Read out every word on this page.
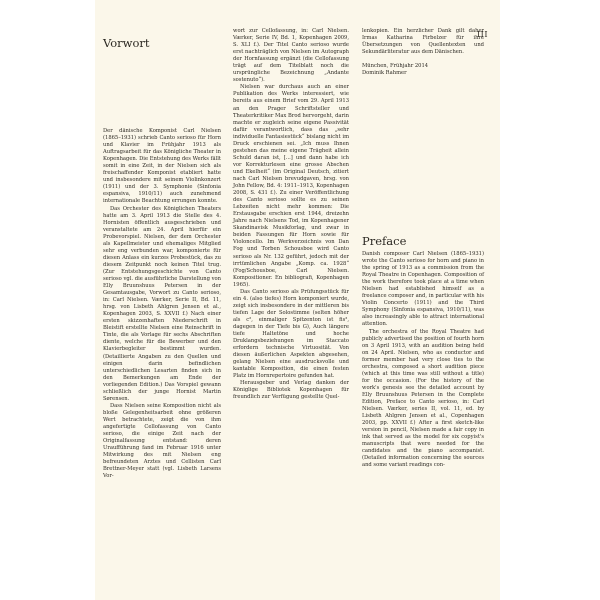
III
Vorwort

Der dänische Komponist Carl Nielsen (1865–1931) schrieb Canto serioso für Horn und Klavier im Frühjahr 1913 als Auftragsarbeit für das Königliche Theater in Kopenhagen. Die Entstehung des Werks fällt somit in eine Zeit, in der Nielsen sich als freischaffender Komponist etabliert hatte und insbesondere mit seinem Violinkonzert (1911) und der 3. Symphonie (Sinfonia espansiva, 1910/11) auch zunehmend internationale Beachtung errungen konnte.

Das Orchester des Königlichen Theaters hatte am 3. April 1913 die Stelle des 4. Hornisten öffentlich ausgeschrieben und veranstaltete am 24. April hierfür ein Probevorspiel. Nielsen, der dem Orchester als Kapellmeister und ehemaliges Mitglied sehr eng verbunden war, komponierte für diesen Anlass ein kurzes Probestück, das zu diesem Zeitpunkt noch keinen Titel trug. (Zur Entstehungsgeschichte von Canto serioso vgl. die ausführliche Darstellung von Elly Bruunshuus Petersen in der Gesamtausgabe, Vorwort zu Canto serioso, in: Carl Nielsen. Værker, Serie II, Bd. 11, hrsg. von Lisbeth Ahlgren Jensen et al., Kopenhagen 2003, S. XXVII f.) Nach einer ersten skizzenhaften Niederschrift in Bleistift erstellte Nielsen eine Reinschrift in Tinte, die als Vorlage für sechs Abschriften diente, welche für die Bewerber und den Klavierbegleiter bestimmt wurden. (Detaillierte Angaben zu den Quellen und einigen darin befindlichen unterschiedlichen Lesarten finden sich in den Bemerkungen am Ende der vorliegenden Edition.) Das Vorspiel gewann schließlich der junge Hornist Martin Sørensen.

Dass Nielsen seine Komposition nicht als bloße Gelegenheitsarbeit ohne größeren Wert betrachtete, zeigt die von ihm angefertigte Cellofassung von Canto serioso, die einige Zeit nach der Originalfassung entstand: deren Uraufführung fand im Februar 1916 unter Mitwirkung des mit Nielsen eng befreundeten Arztes und Cellisten Carl Brettner-Meyer statt (vgl. Lisbeth Larsens Vor-

wort zur Cellofassung, in: Carl Nielsen. Værker, Serie IV, Bd. 1, Kopenhagen 2009, S. XLI f.). Der Titel Canto serioso wurde erst nachträglich von Nielsen im Autograph der Hornfassung ergänzt (die Cellofassung trägt auf dem Titelblatt noch die ursprüngliche Bezeichnung „Andante sostenuto“).

Nielsen war durchaus auch an einer Publikation des Werks interessiert, wie bereits aus einem Brief vom 29. April 1913 an den Prager Schriftsteller und Theaterkritiker Max Brod hervorgeht, darin machte er zugleich seine eigene Passivität dafür verantwortlich, dass das „sehr individuelle Fantasiestück“ bislang nicht im Druck erschienen sei. „Ich muss Ihnen gestehen das meine eigene Trägheit allein Schuld daran ist, [...] und dann habe ich vor Korrekturlesen eine grosse Abschen und Ekelheit“ (im Original Deutsch, zitiert nach Carl Nielsen brevudgaven, hrsg. von John Fellow, Bd. 4: 1911–1913, Kopenhagen 2008, S. 431 f.). Zu einer Veröffentlichung des Canto serioso sollte es zu seinen Lebzeiten nicht mehr kommen: Die Erstausgabe erschien erst 1944, dreizehn Jahre nach Nielsens Tod, im Kopenhagener Skandinavisk Musikforlag, und zwar in beiden Fassungen für Horn sowie für Violoncello. Im Werkverzeichnis von Dan Fog und Torben Schousboe wird Canto serioso als Nr. 132 geführt, jedoch mit der irrtümlichen Angabe „Komp. ca. 1928“ (Fog/Schousboe, Carl Nielsen. Kompositioner. En bibliografi, Kopenhagen 1965).

Das Canto serioso als Prüfungsstück für ein 4. (also tiefes) Horn komponiert wurde, zeigt sich insbesondere in der mittleren bis tiefen Lage der Solostimme (selten höher als c², einmaliger Spitzenton ist fis², dagegen in der Tiefe bis G), Auch längere tiefe Haltetöne und hoche Druklangsbeziehungen im Staccato erfordern technische Virtuosität. Von diesen äußerlichen Aspekten abgesehen, gelang Nielsen eine ausdrucksvolle und kantable Komposition, die einen festen Platz im Hornrepertoire gefunden hat.

Herausgeber und Verlag danken der Königlige Bibliotek Kopenhagen für freundlich zur Verfügung gestellte Quel-

lenkopien. Ein herzlicher Dank gilt daher Irmas Katharina Firbelzer für ihre Übersetzungen von Quellentexten und Sekundärliteratur aus dem Dänischen.

München, Frühjahr 2014
Dominik Rahmer
Preface

Danish composer Carl Nielsen (1865–1931) wrote the Canto serioso for horn and piano in the spring of 1913 as a commission from the Royal Theatre in Copenhagen. Composition of the work therefore took place at a time when Nielsen had established himself as a freelance composer and, in particular with his Violin Concerto (1911) and the Third Symphony (Sinfonia espansiva, 1910/11), was also increasingly able to attract international attention.

The orchestra of the Royal Theatre had publicly advertised the position of fourth horn on 3 April 1913, with an audition being held on 24 April. Nielsen, who as conductor and former member had very close ties to the orchestra, composed a short audition piece (which at this time was still without a title) for the occasion. (For the history of the work's genesis see the detailed account by Elly Bruunshuus Petersen in the Complete Edition, Preface to Canto serioso, in: Carl Nielsen. Værker, series II, vol. 11, ed. by Lisbeth Ahlgren Jensen et al., Copenhagen 2003, pp. XXVII f.) After a first sketch-like version in pencil, Nielsen made a fair copy in ink that served as the model for six copyist's manuscripts that were needed for the candidates and the piano accompanist. (Detailed information concerning the sources and some variant readings con-
